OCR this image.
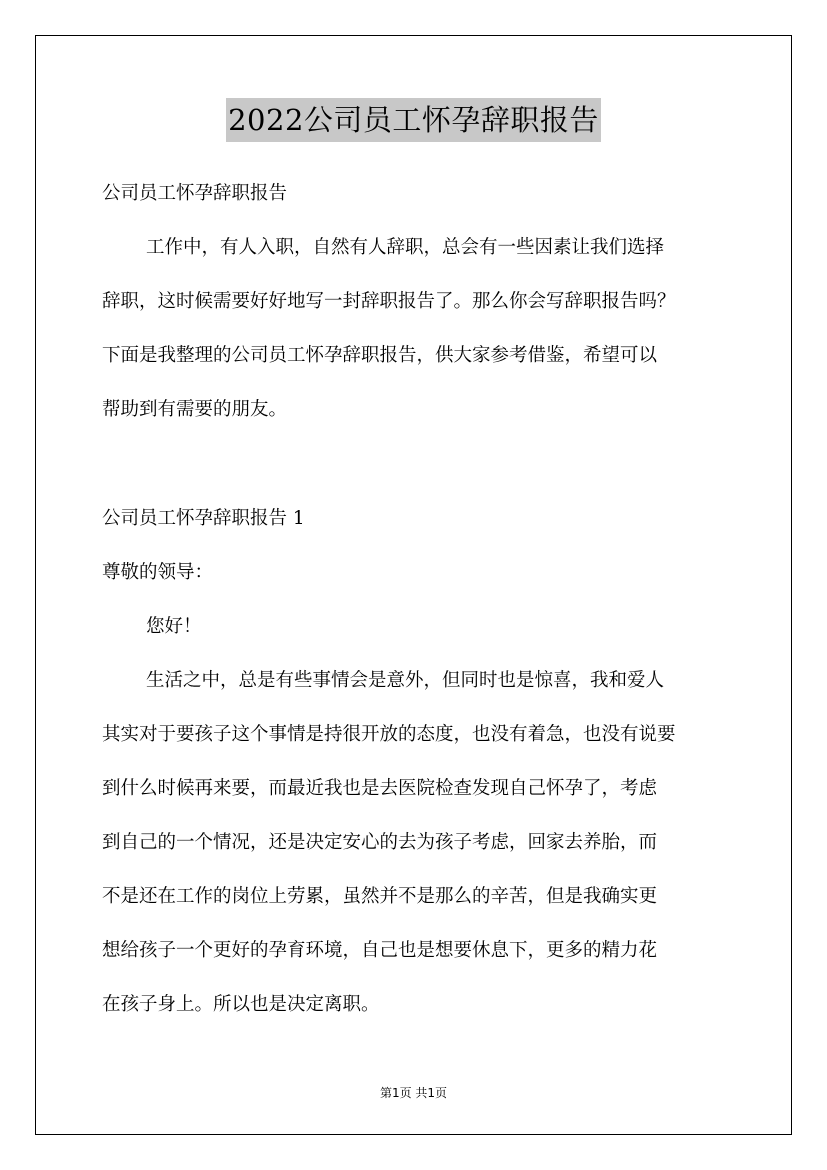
2022公司员工怀孕辞职报告
公司员工怀孕辞职报告
工作中，有人入职，自然有人辞职，总会有一些因素让我们选择
辞职，这时候需要好好地写一封辞职报告了。那么你会写辞职报告吗？
下面是我整理的公司员工怀孕辞职报告，供大家参考借鉴，希望可以
帮助到有需要的朋友。
公司员工怀孕辞职报告 1
尊敬的领导：
您好！
生活之中，总是有些事情会是意外，但同时也是惊喜，我和爱人
其实对于要孩子这个事情是持很开放的态度，也没有着急，也没有说要
到什么时候再来要，而最近我也是去医院检查发现自己怀孕了，考虑
到自己的一个情况，还是决定安心的去为孩子考虑，回家去养胎，而
不是还在工作的岗位上劳累，虽然并不是那么的辛苦，但是我确实更
想给孩子一个更好的孕育环境，自己也是想要休息下，更多的精力花
在孩子身上。所以也是决定离职。
第1页 共1页
